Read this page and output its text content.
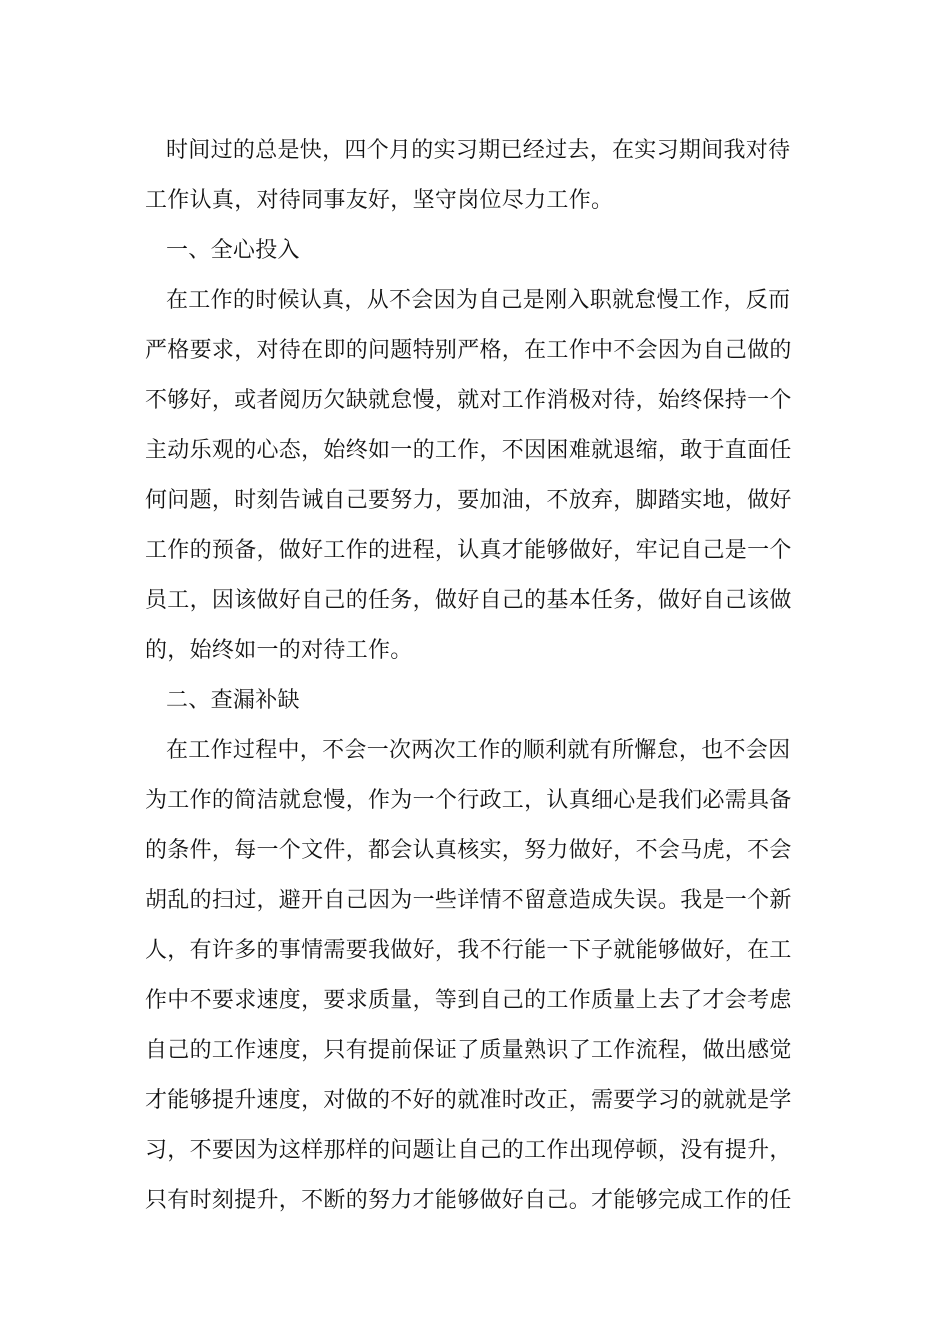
时间过的总是快，四个月的实习期已经过去，在实习期间我对待
工作认真，对待同事友好，坚守岗位尽力工作。
一、全心投入
在工作的时候认真，从不会因为自己是刚入职就怠慢工作，反而
严格要求，对待在即的问题特别严格，在工作中不会因为自己做的
不够好，或者阅历欠缺就怠慢，就对工作消极对待，始终保持一个
主动乐观的心态，始终如一的工作，不因困难就退缩，敢于直面任
何问题，时刻告诫自己要努力，要加油，不放弃，脚踏实地，做好
工作的预备，做好工作的进程，认真才能够做好，牢记自己是一个
员工，因该做好自己的任务，做好自己的基本任务，做好自己该做
的，始终如一的对待工作。
二、查漏补缺
在工作过程中，不会一次两次工作的顺利就有所懈怠，也不会因
为工作的简洁就怠慢，作为一个行政工，认真细心是我们必需具备
的条件，每一个文件，都会认真核实，努力做好，不会马虎，不会
胡乱的扫过，避开自己因为一些详情不留意造成失误。我是一个新
人，有许多的事情需要我做好，我不行能一下子就能够做好，在工
作中不要求速度，要求质量，等到自己的工作质量上去了才会考虑
自己的工作速度，只有提前保证了质量熟识了工作流程，做出感觉
才能够提升速度，对做的不好的就准时改正，需要学习的就就是学
习，不要因为这样那样的问题让自己的工作出现停顿，没有提升，
只有时刻提升，不断的努力才能够做好自己。才能够完成工作的任
